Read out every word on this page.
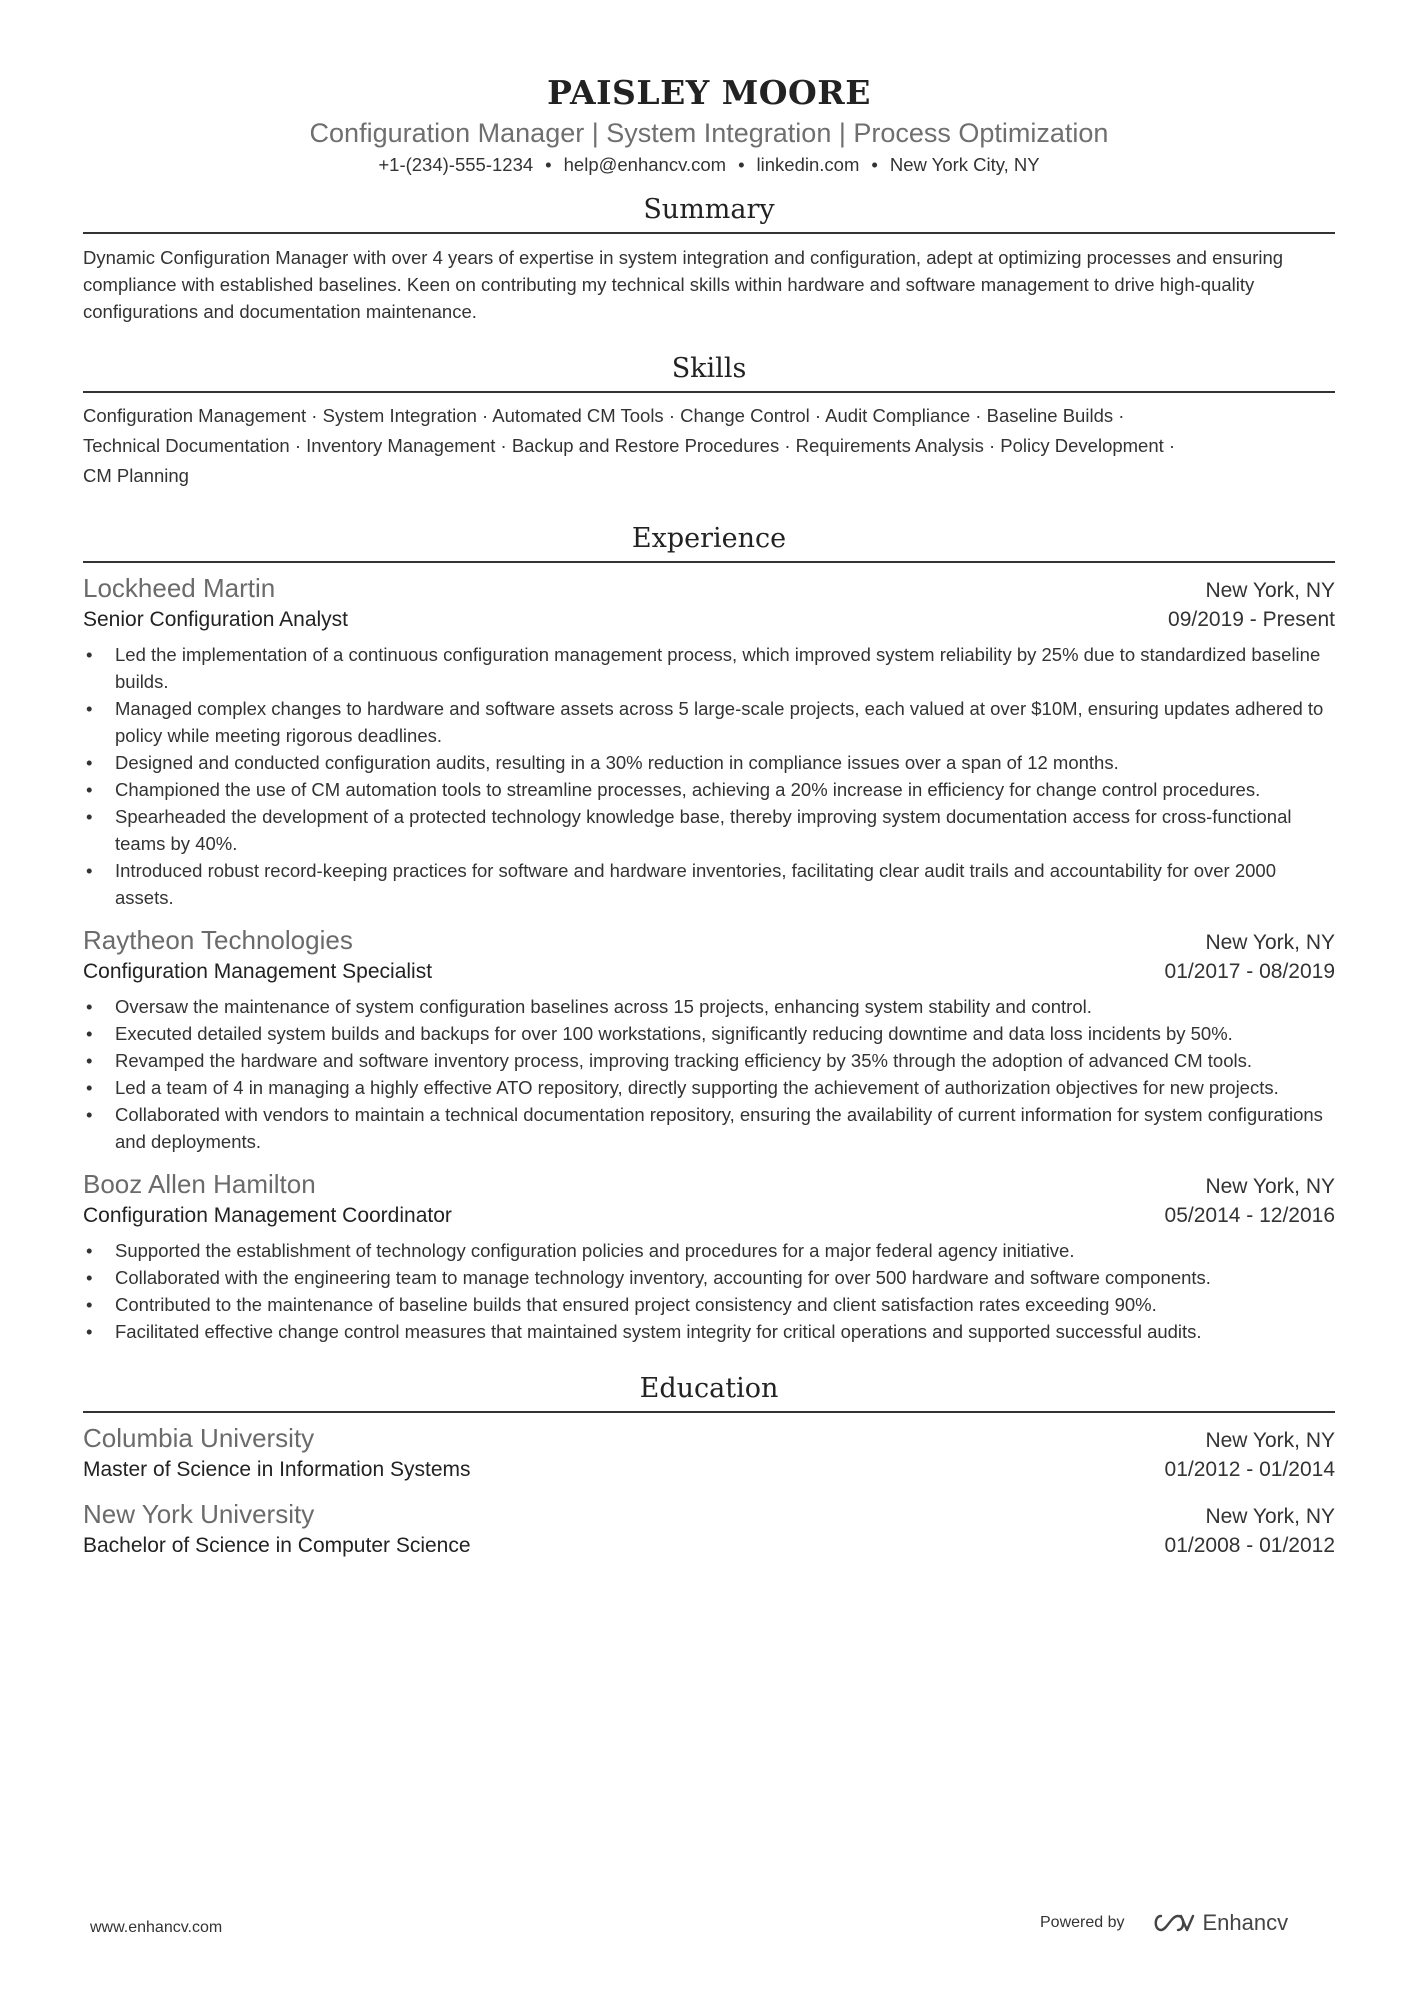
PAISLEY MOORE
Configuration Manager | System Integration | Process Optimization
+1-(234)-555-1234 • help@enhancv.com • linkedin.com • New York City, NY
Summary
Dynamic Configuration Manager with over 4 years of expertise in system integration and configuration, adept at optimizing processes and ensuring compliance with established baselines. Keen on contributing my technical skills within hardware and software management to drive high-quality configurations and documentation maintenance.
Skills
Configuration Management · System Integration · Automated CM Tools · Change Control · Audit Compliance · Baseline Builds ·
Technical Documentation · Inventory Management · Backup and Restore Procedures · Requirements Analysis · Policy Development ·
CM Planning
Experience
Lockheed Martin	New York, NY
Senior Configuration Analyst	09/2019 - Present
• Led the implementation of a continuous configuration management process, which improved system reliability by 25% due to standardized baseline builds.
• Managed complex changes to hardware and software assets across 5 large-scale projects, each valued at over $10M, ensuring updates adhered to policy while meeting rigorous deadlines.
• Designed and conducted configuration audits, resulting in a 30% reduction in compliance issues over a span of 12 months.
• Championed the use of CM automation tools to streamline processes, achieving a 20% increase in efficiency for change control procedures.
• Spearheaded the development of a protected technology knowledge base, thereby improving system documentation access for cross-functional teams by 40%.
• Introduced robust record-keeping practices for software and hardware inventories, facilitating clear audit trails and accountability for over 2000 assets.
Raytheon Technologies	New York, NY
Configuration Management Specialist	01/2017 - 08/2019
• Oversaw the maintenance of system configuration baselines across 15 projects, enhancing system stability and control.
• Executed detailed system builds and backups for over 100 workstations, significantly reducing downtime and data loss incidents by 50%.
• Revamped the hardware and software inventory process, improving tracking efficiency by 35% through the adoption of advanced CM tools.
• Led a team of 4 in managing a highly effective ATO repository, directly supporting the achievement of authorization objectives for new projects.
• Collaborated with vendors to maintain a technical documentation repository, ensuring the availability of current information for system configurations and deployments.
Booz Allen Hamilton	New York, NY
Configuration Management Coordinator	05/2014 - 12/2016
• Supported the establishment of technology configuration policies and procedures for a major federal agency initiative.
• Collaborated with the engineering team to manage technology inventory, accounting for over 500 hardware and software components.
• Contributed to the maintenance of baseline builds that ensured project consistency and client satisfaction rates exceeding 90%.
• Facilitated effective change control measures that maintained system integrity for critical operations and supported successful audits.
Education
Columbia University	New York, NY
Master of Science in Information Systems	01/2012 - 01/2014
New York University	New York, NY
Bachelor of Science in Computer Science	01/2008 - 01/2012
www.enhancv.com	Powered by	Enhancv
